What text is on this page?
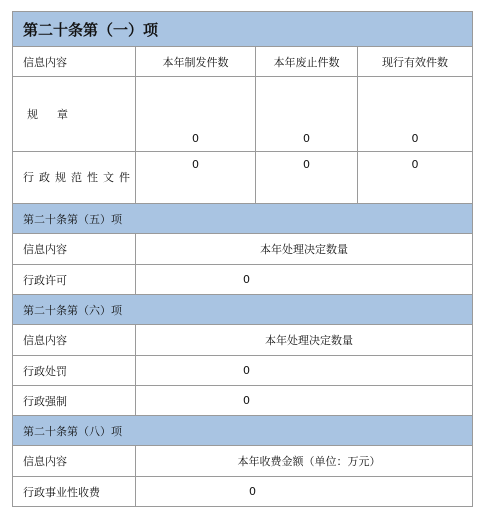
第二十条第（一）项			
信息内容	本年制发件数	本年废止件数	现行有效件数
规　章	0	0	0
行政规范性文件	0	0	0
第二十条第（五）项			
信息内容	本年处理决定数量		
行政许可	0		
第二十条第（六）项			
信息内容	本年处理决定数量		
行政处罚	0		
行政强制	0		
第二十条第（八）项			
信息内容	本年收费金额（单位：万元）		
行政事业性收费	0		
